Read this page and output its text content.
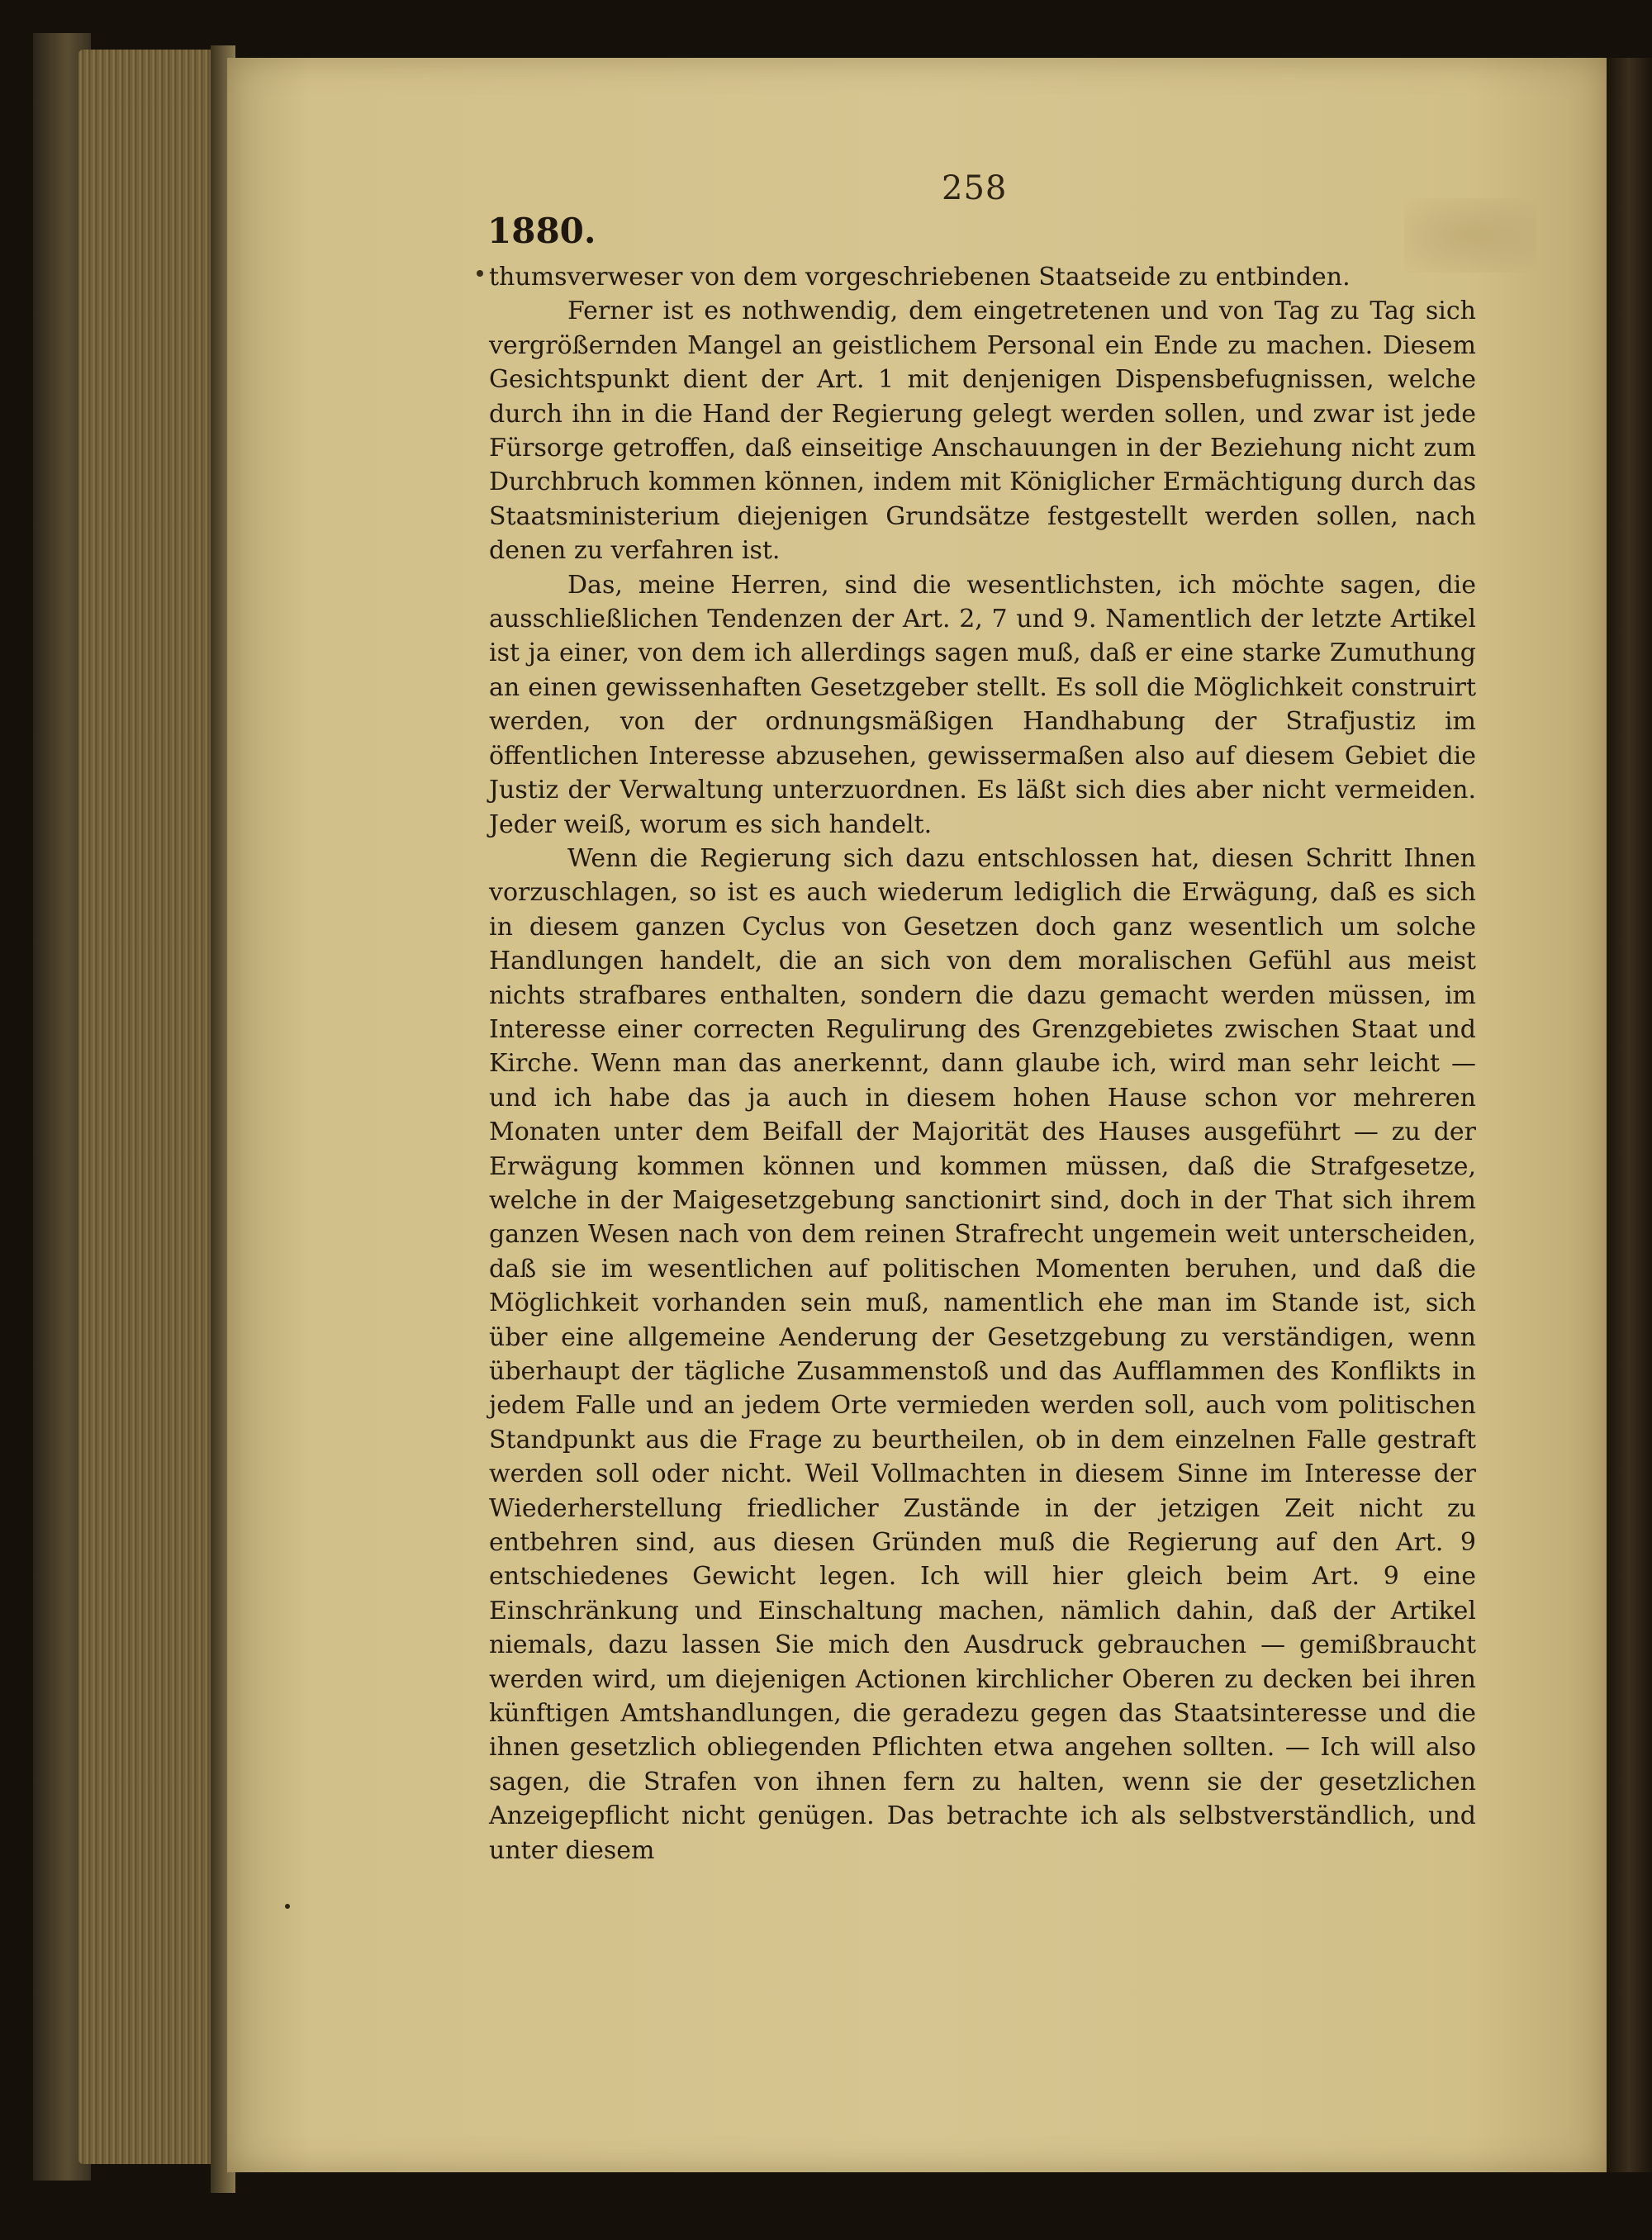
258
1880.

thumsverweser von dem vorgeschriebenen Staatseide zu entbinden.

Ferner ist es nothwendig, dem eingetretenen und von Tag zu Tag sich vergrößernden Mangel an geistlichem Personal ein Ende zu machen. Diesem Gesichtspunkt dient der Art. 1 mit denjenigen Dispensbefugnissen, welche durch ihn in die Hand der Regierung gelegt werden sollen, und zwar ist jede Fürsorge getroffen, daß einseitige Anschauungen in der Beziehung nicht zum Durchbruch kommen können, indem mit Königlicher Ermächtigung durch das Staatsministerium diejenigen Grundsätze festgestellt werden sollen, nach denen zu verfahren ist.

Das, meine Herren, sind die wesentlichsten, ich möchte sagen, die ausschließlichen Tendenzen der Art. 2, 7 und 9. Namentlich der letzte Artikel ist ja einer, von dem ich allerdings sagen muß, daß er eine starke Zumuthung an einen gewissenhaften Gesetzgeber stellt. Es soll die Möglichkeit construirt werden, von der ordnungsmäßigen Handhabung der Strafjustiz im öffentlichen Interesse abzusehen, gewissermaßen also auf diesem Gebiet die Justiz der Verwaltung unterzuordnen. Es läßt sich dies aber nicht vermeiden. Jeder weiß, worum es sich handelt.

Wenn die Regierung sich dazu entschlossen hat, diesen Schritt Ihnen vorzuschlagen, so ist es auch wiederum lediglich die Erwägung, daß es sich in diesem ganzen Cyclus von Gesetzen doch ganz wesentlich um solche Handlungen handelt, die an sich von dem moralischen Gefühl aus meist nichts strafbares enthalten, sondern die dazu gemacht werden müssen, im Interesse einer correcten Regulirung des Grenzgebietes zwischen Staat und Kirche. Wenn man das anerkennt, dann glaube ich, wird man sehr leicht — und ich habe das ja auch in diesem hohen Hause schon vor mehreren Monaten unter dem Beifall der Majorität des Hauses ausgeführt — zu der Erwägung kommen können und kommen müssen, daß die Strafgesetze, welche in der Maigesetzgebung sanctionirt sind, doch in der That sich ihrem ganzen Wesen nach von dem reinen Strafrecht ungemein weit unterscheiden, daß sie im wesentlichen auf politischen Momenten beruhen, und daß die Möglichkeit vorhanden sein muß, namentlich ehe man im Stande ist, sich über eine allgemeine Aenderung der Gesetzgebung zu verständigen, wenn überhaupt der tägliche Zusammenstoß und das Aufflammen des Konflikts in jedem Falle und an jedem Orte vermieden werden soll, auch vom politischen Standpunkt aus die Frage zu beurtheilen, ob in dem einzelnen Falle gestraft werden soll oder nicht. Weil Vollmachten in diesem Sinne im Interesse der Wiederherstellung friedlicher Zustände in der jetzigen Zeit nicht zu entbehren sind, aus diesen Gründen muß die Regierung auf den Art. 9 entschiedenes Gewicht legen. Ich will hier gleich beim Art. 9 eine Einschränkung und Einschaltung machen, nämlich dahin, daß der Artikel niemals, dazu lassen Sie mich den Ausdruck gebrauchen — gemißbraucht werden wird, um diejenigen Actionen kirchlicher Oberen zu decken bei ihren künftigen Amtshandlungen, die geradezu gegen das Staatsinteresse und die ihnen gesetzlich obliegenden Pflichten etwa angehen sollten. — Ich will also sagen, die Strafen von ihnen fern zu halten, wenn sie der gesetzlichen Anzeigepflicht nicht genügen. Das betrachte ich als selbstverständlich, und unter diesem
